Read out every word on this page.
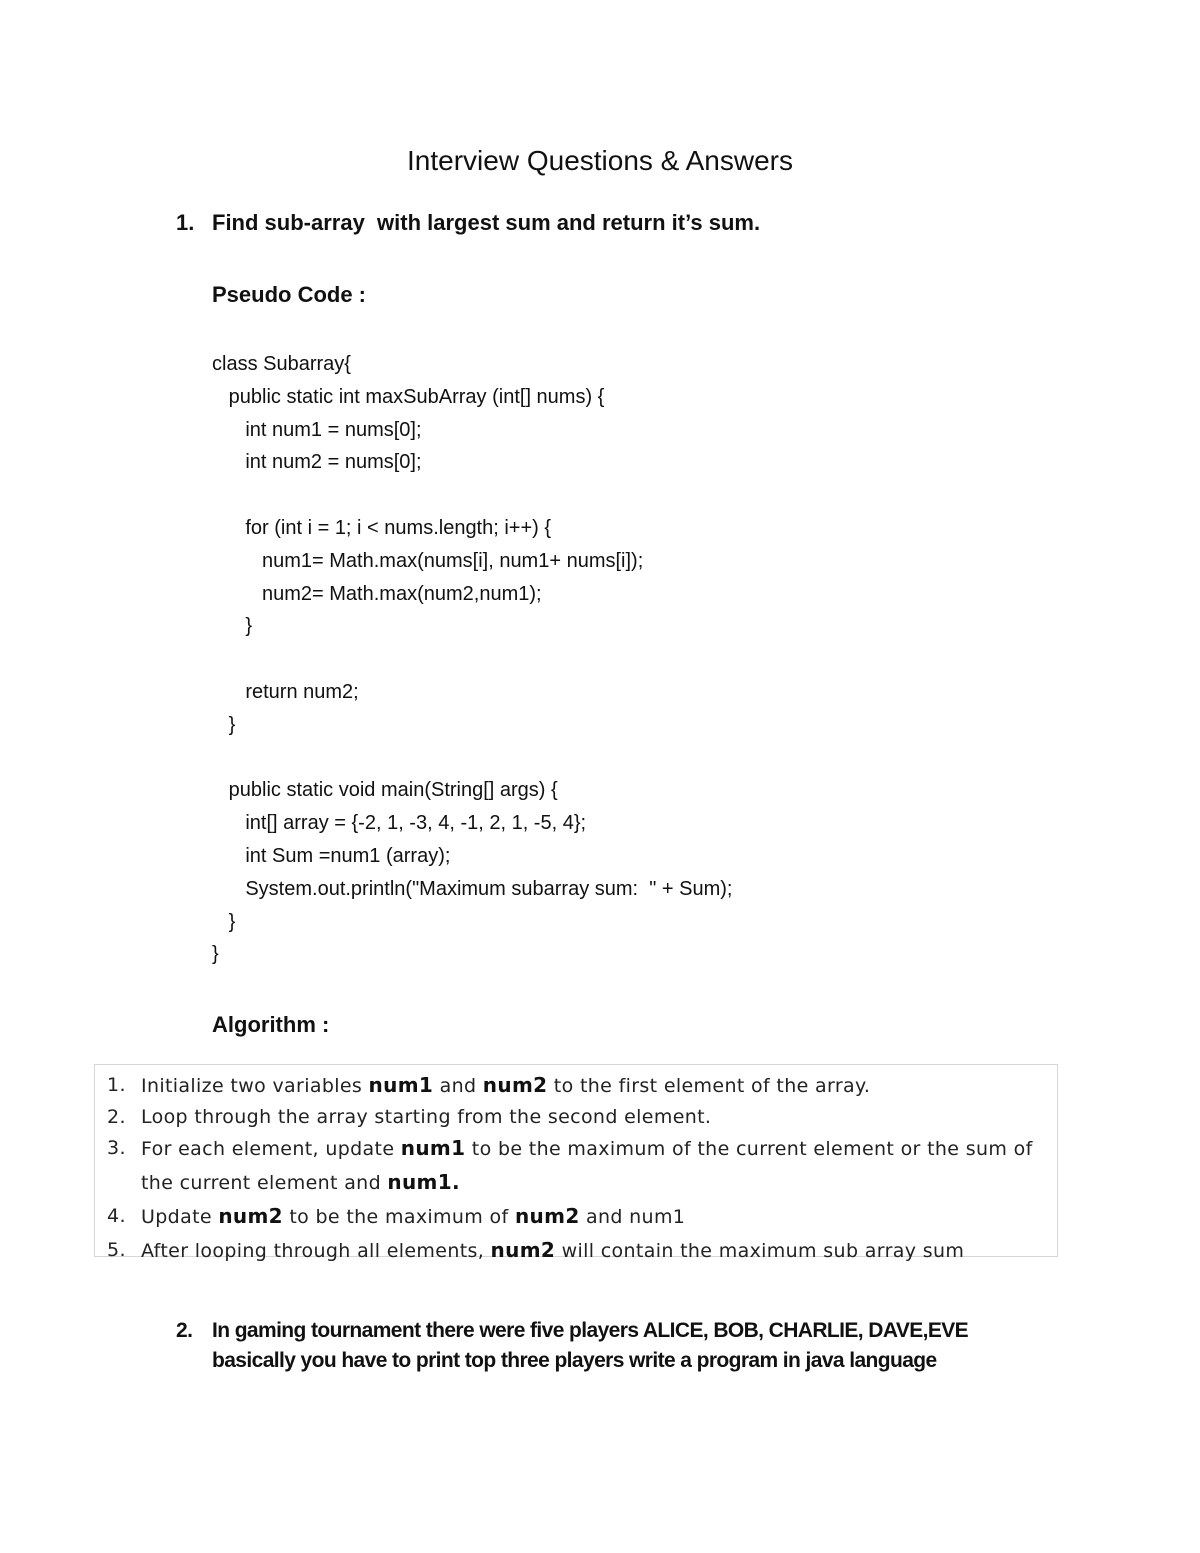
Interview Questions & Answers
1. Find sub-array  with largest sum and return it’s sum.
Pseudo Code :
class Subarray{
public static int maxSubArray (int[] nums) {
int num1 = nums[0];
int num2 = nums[0];
for (int i = 1; i < nums.length; i++) {
num1= Math.max(nums[i], num1+ nums[i]);
num2= Math.max(num2,num1);
}
return num2;
}
public static void main(String[] args) {
int[] array = {-2, 1, -3, 4, -1, 2, 1, -5, 4};
int Sum =num1 (array);
System.out.println("Maximum subarray sum:  " + Sum);
}
}
Algorithm :
1. Initialize two variables num1 and num2 to the first element of the array.
2. Loop through the array starting from the second element.
3. For each element, update num1 to be the maximum of the current element or the sum of the current element and num1.
4. Update num2 to be the maximum of num2 and num1
5. After looping through all elements, num2 will contain the maximum sub array sum
2. In gaming tournament there were five players ALICE, BOB, CHARLIE, DAVE,EVE
basically you have to print top three players write a program in java language
